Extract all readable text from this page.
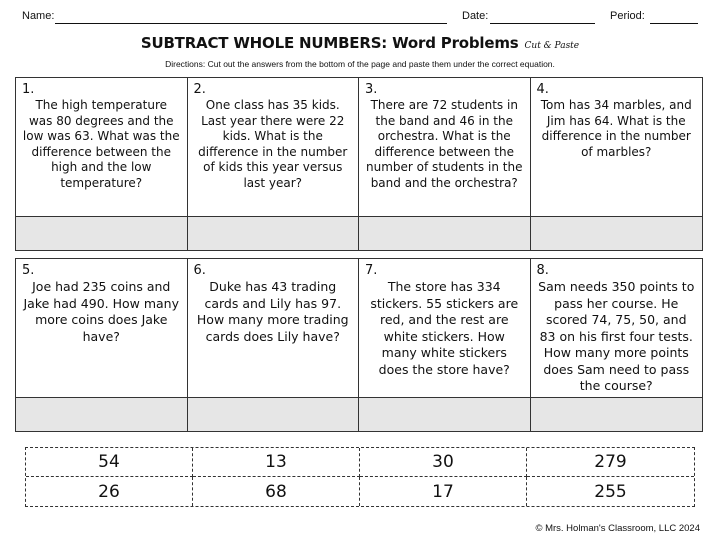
Name:	Date:	Period:
SUBTRACT WHOLE NUMBERS: Word Problems Cut & Paste
Directions: Cut out the answers from the bottom of the page and paste them under the correct equation.
1.
The high temperature was 80 degrees and the low was 63. What was the difference between the high and the low temperature?
2.
One class has 35 kids. Last year there were 22 kids. What is the difference in the number of kids this year versus last year?
3.
There are 72 students in the band and 46 in the orchestra. What is the difference between the number of students in the band and the orchestra?
4.
Tom has 34 marbles, and Jim has 64. What is the difference in the number of marbles?
5.
Joe had 235 coins and Jake had 490. How many more coins does Jake have?
6.
Duke has 43 trading cards and Lily has 97. How many more trading cards does Lily have?
7.
The store has 334 stickers. 55 stickers are red, and the rest are white stickers. How many white stickers does the store have?
8.
Sam needs 350 points to pass her course. He scored 74, 75, 50, and 83 on his first four tests. How many more points does Sam need to pass the course?
54	13	30	279
26	68	17	255
© Mrs. Holman's Classroom, LLC 2024
